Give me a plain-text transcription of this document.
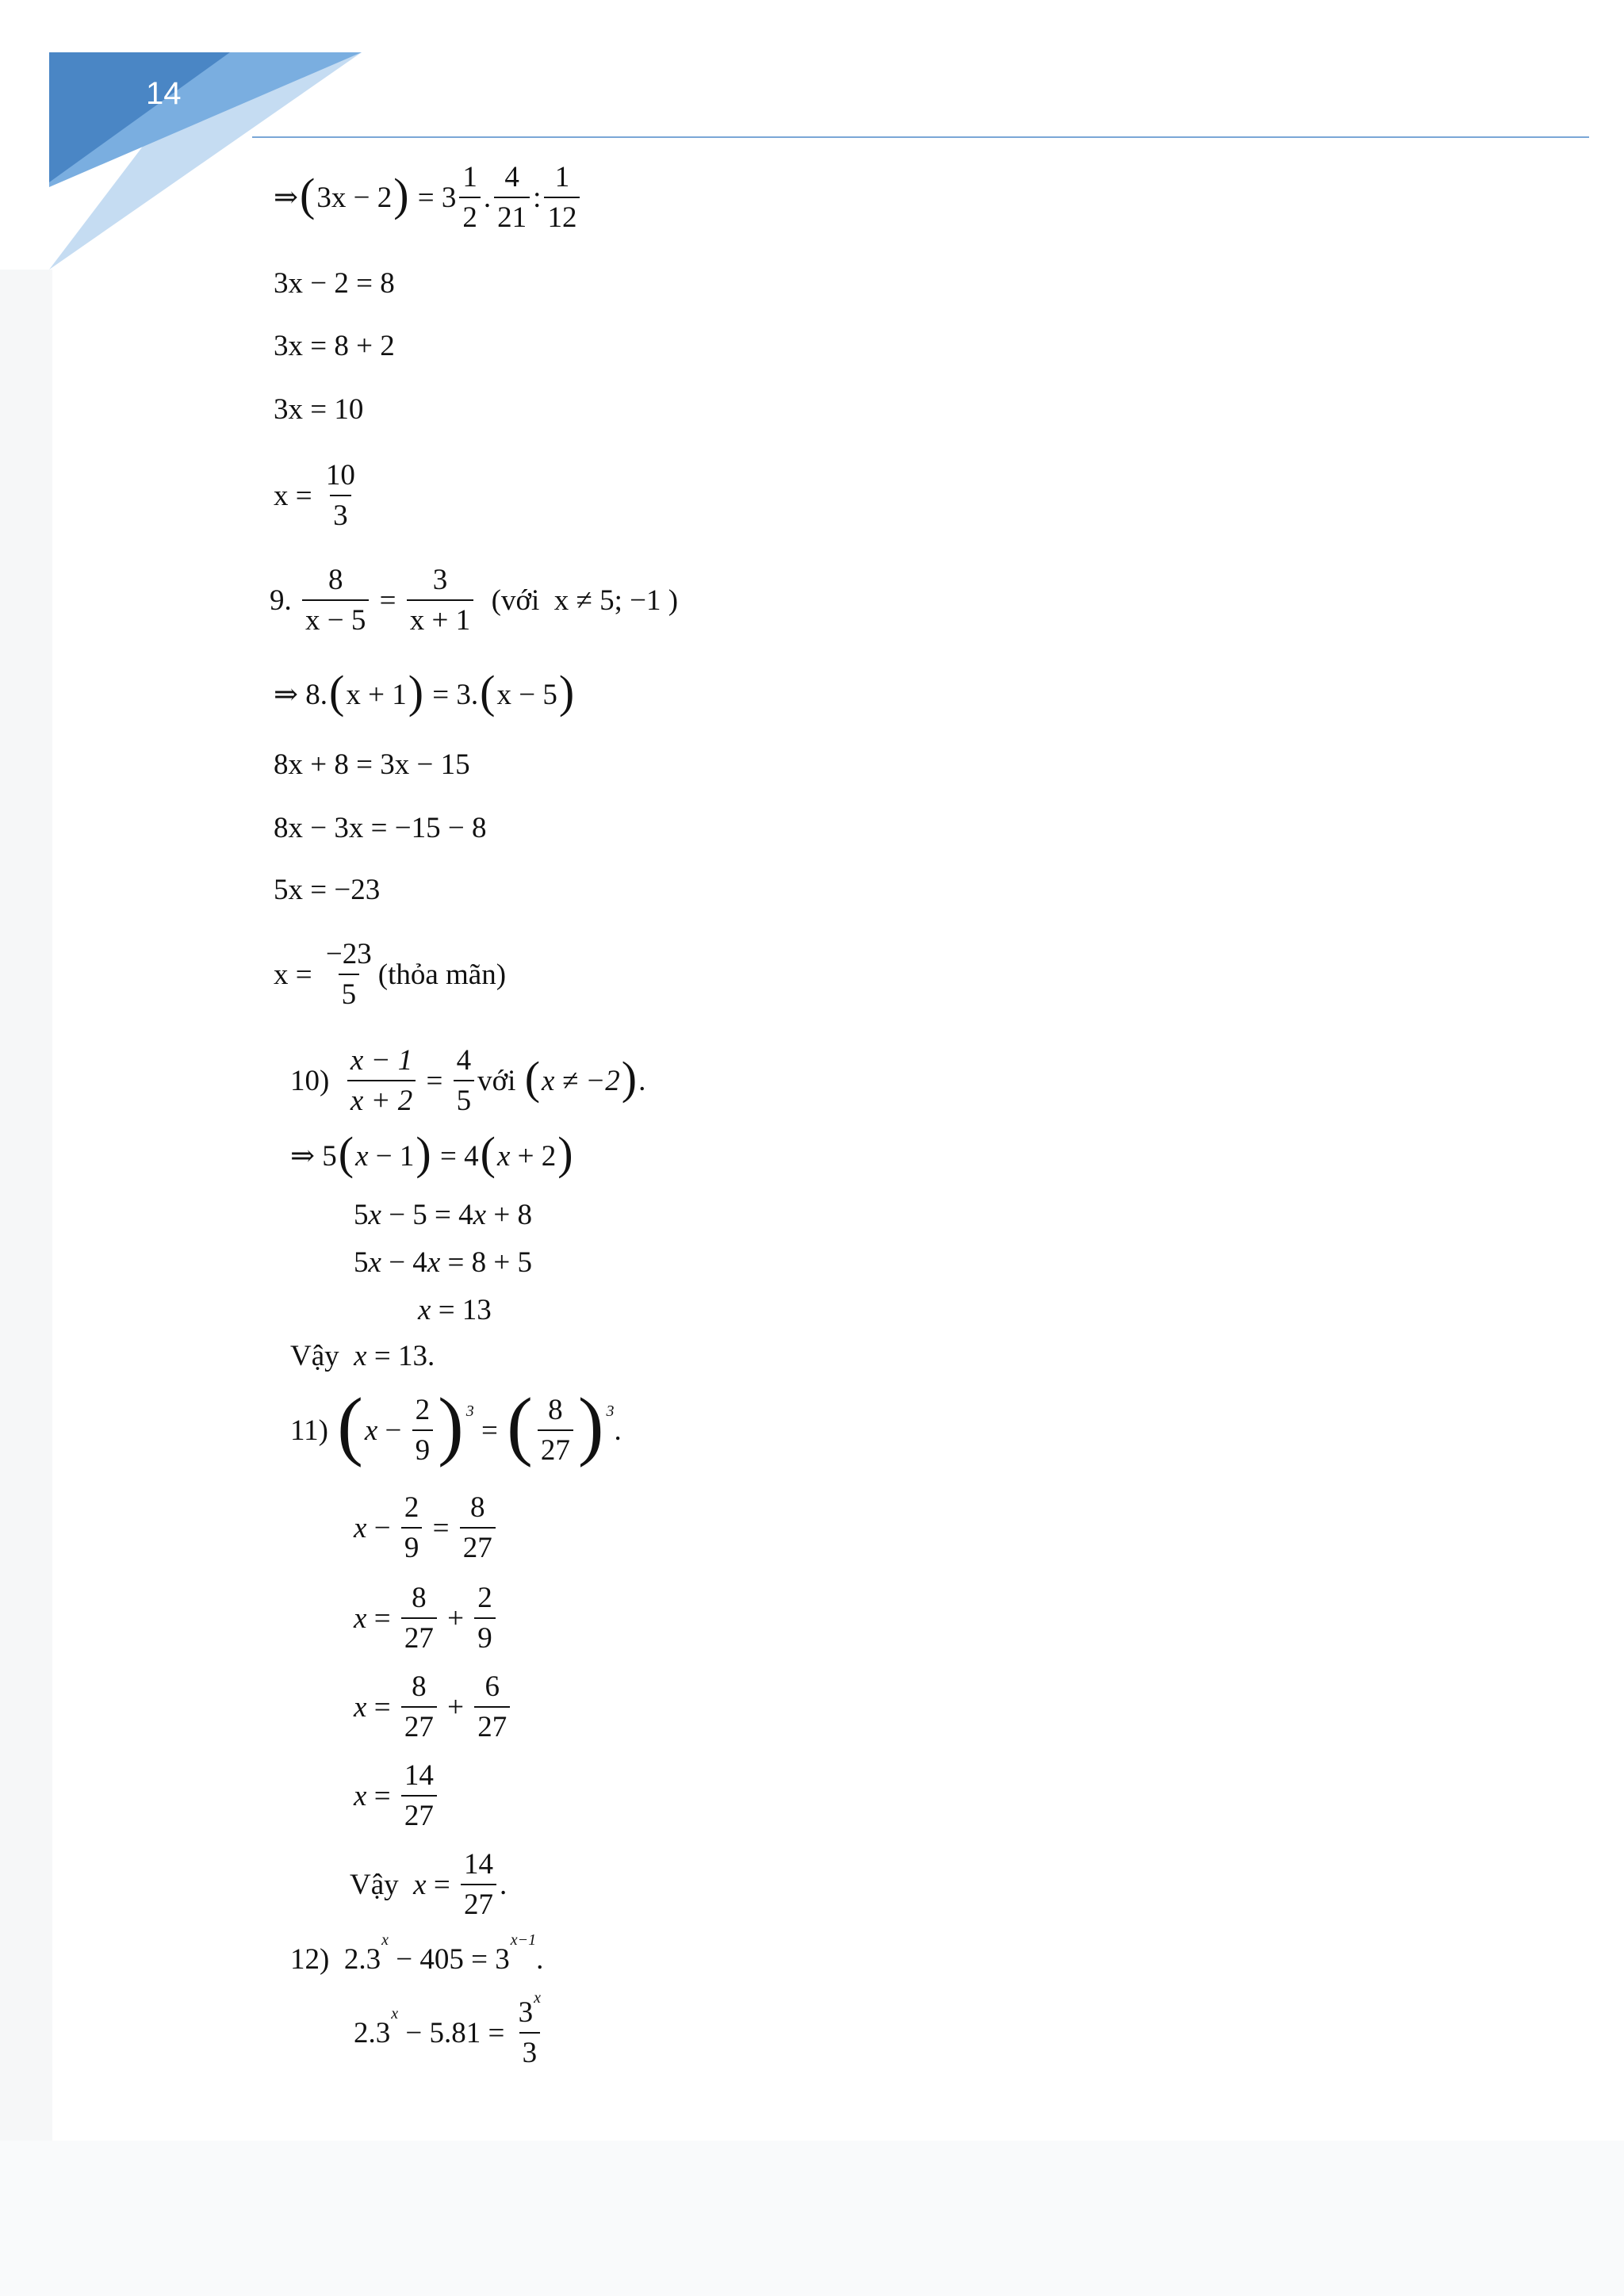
14
⇒ ( 3x − 2 ) = $3 \frac{1}{2}$ . $\frac{4}{21}$ : $\frac{1}{12}$
3x − 2 = 8
3x = 8 + 2
3x = 10
$x = \frac{10}{3}$
9. $\frac{8}{x - 5} = \frac{3}{x + 1}$ (với  x ≠ 5; −1 )
⇒ 8. ( x + 1 ) = 3. ( x − 5 )
8x + 8 = 3x − 15
8x − 3x = −15 − 8
5x = −23
$x = \frac{-23}{5}$ (thỏa mãn)
$10) \frac{x - 1}{x + 2} = \frac{4}{5}$ với ( x ≠ −2 ) .
⇒ 5 ( x − 1 ) = 4 ( x + 2 )
5 x − 5 = 4 x + 8
5 x − 4 x = 8 + 5
x = 13
Vậy x = 13.
11) ( $x - \frac{2}{9}$ ) 3
= ( $\frac{8}{27}$ ) 3
.
$x - \frac{2}{9} = \frac{8}{27}$
$x = \frac{8}{27} + \frac{2}{9}$
$x = \frac{8}{27} + \frac{6}{27}$
$x = \frac{14}{27}$
Vậy $x = \frac{14}{27}$ .
12)  2.3
x
− 405 = 3
x−1
.
2.3
x
− $5.81 = \frac{3^x}{3}$
